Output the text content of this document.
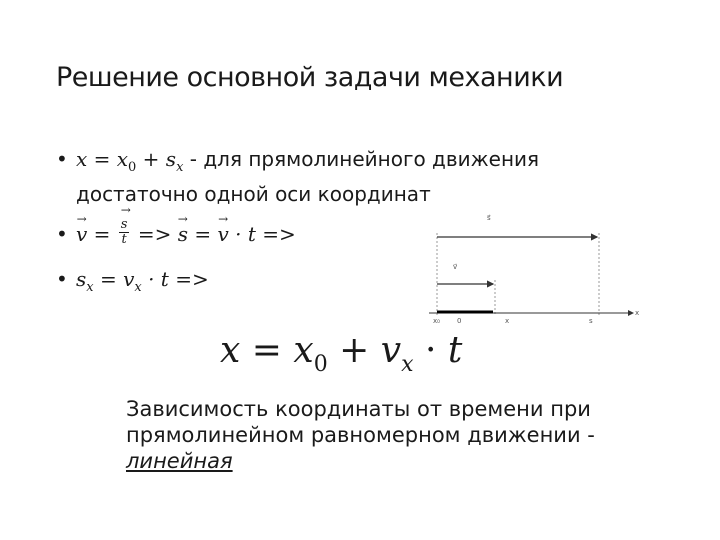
Решение основной задачи механики
• $x = x_0 + s_x$ - для прямолинейного движения
достаточно одной оси координат
• v → = $\frac{s \to}{t} => s$ → = v → · t =>
• $s_x = v_x \cdot t$ =>
s⃗
v⃗
x
x₀ 0	x	s
$x = x_0 + v_x \cdot t$
Зависимость координаты от времени при
прямолинейном равномерном движении -
линейная
